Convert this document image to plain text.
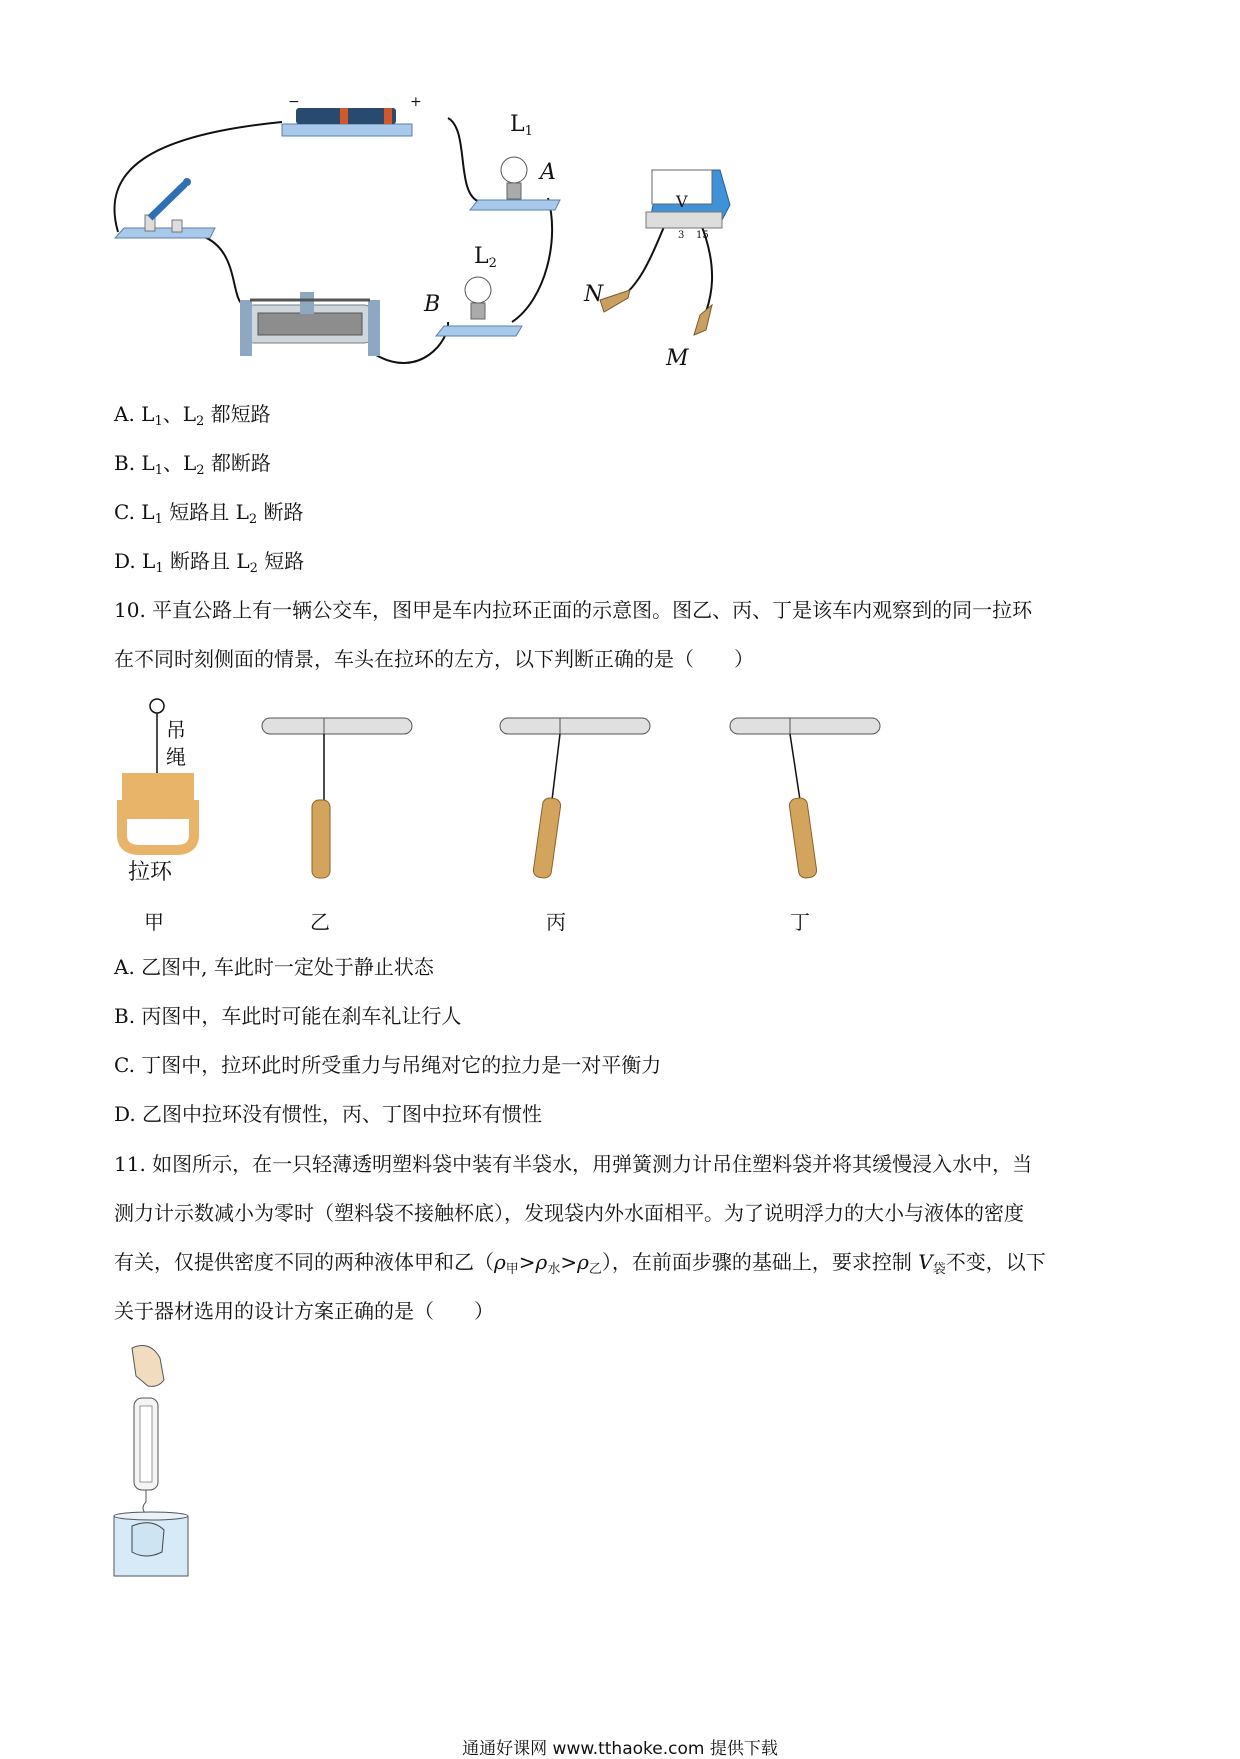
−	+
$L_1$
A
$L_2$
B
V
3 15
N
M
A. $L_1$、$L_2$ 都短路
B. $L_1$、$L_2$ 都断路
C. $L_1$ 短路且 $L_2$ 断路
D. $L_1$ 断路且 $L_2$ 短路
10. 平直公路上有一辆公交车，图甲是车内拉环正面的示意图。图乙、丙、丁是该车内观察到的同一拉环
在不同时刻侧面的情景，车头在拉环的左方，以下判断正确的是（　　）
吊
绳
拉环
甲	乙	丙	丁
A. 乙图中, 车此时一定处于静止状态
B. 丙图中，车此时可能在刹车礼让行人
C. 丁图中，拉环此时所受重力与吊绳对它的拉力是一对平衡力
D. 乙图中拉环没有惯性，丙、丁图中拉环有惯性
11. 如图所示，在一只轻薄透明塑料袋中装有半袋水，用弹簧测力计吊住塑料袋并将其缓慢浸入水中，当
测力计示数减小为零时（塑料袋不接触杯底），发现袋内外水面相平。为了说明浮力的大小与液体的密度
有关，仅提供密度不同的两种液体甲和乙$(\rho_甲>\rho_水>\rho_乙)$，在前面步骤的基础上，要求控制 $V_袋$不变，以下
关于器材选用的设计方案正确的是（　　）
通通好课网 www.tthaoke.com 提供下载
